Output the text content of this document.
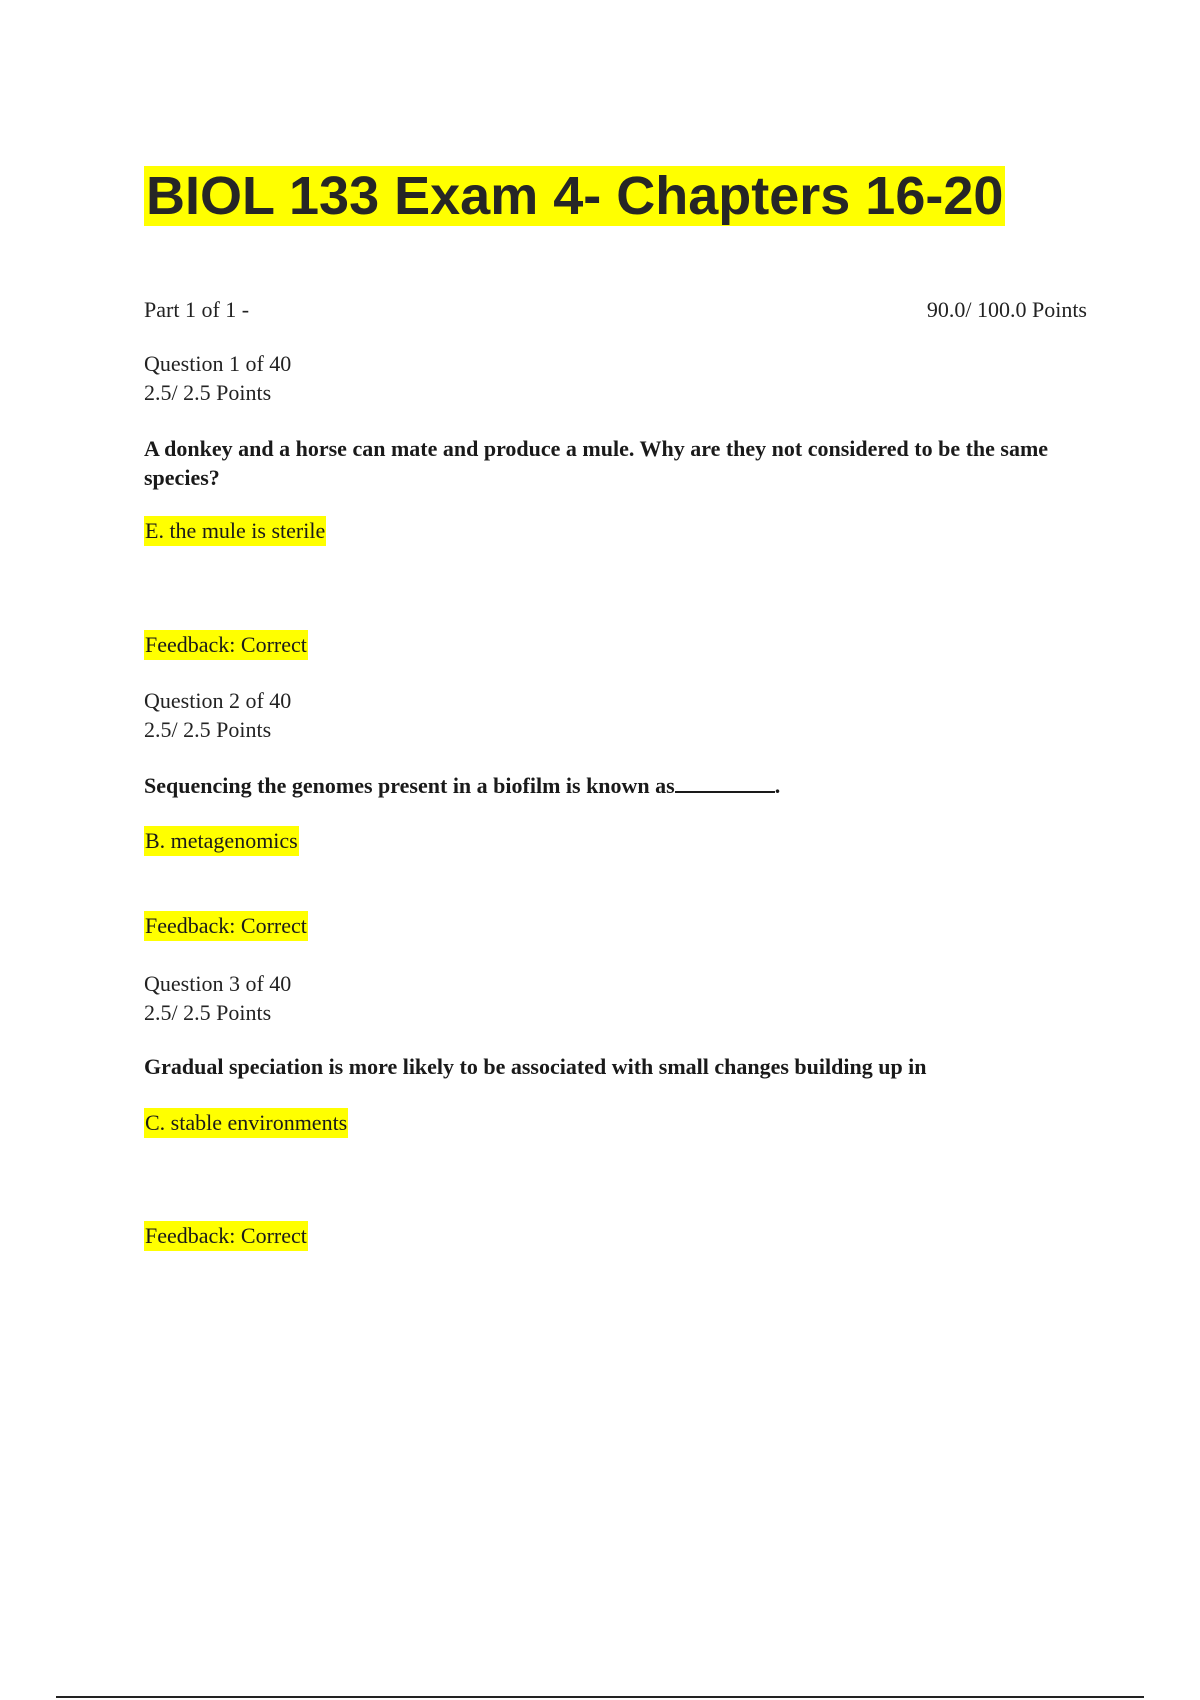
BIOL 133 Exam 4- Chapters 16-20
Part 1 of 1 -	90.0/ 100.0 Points

Question 1 of 40

2.5/ 2.5 Points

A donkey and a horse can mate and produce a mule. Why are they not considered to be the same species?

E. the mule is sterile
Feedback: Correct

Question 2 of 40

2.5/ 2.5 Points

Sequencing the genomes present in a biofilm is known as	.

B. metagenomics
Feedback: Correct

Question 3 of 40

2.5/ 2.5 Points

Gradual speciation is more likely to be associated with small changes building up in

C. stable environments
Feedback: Correct
